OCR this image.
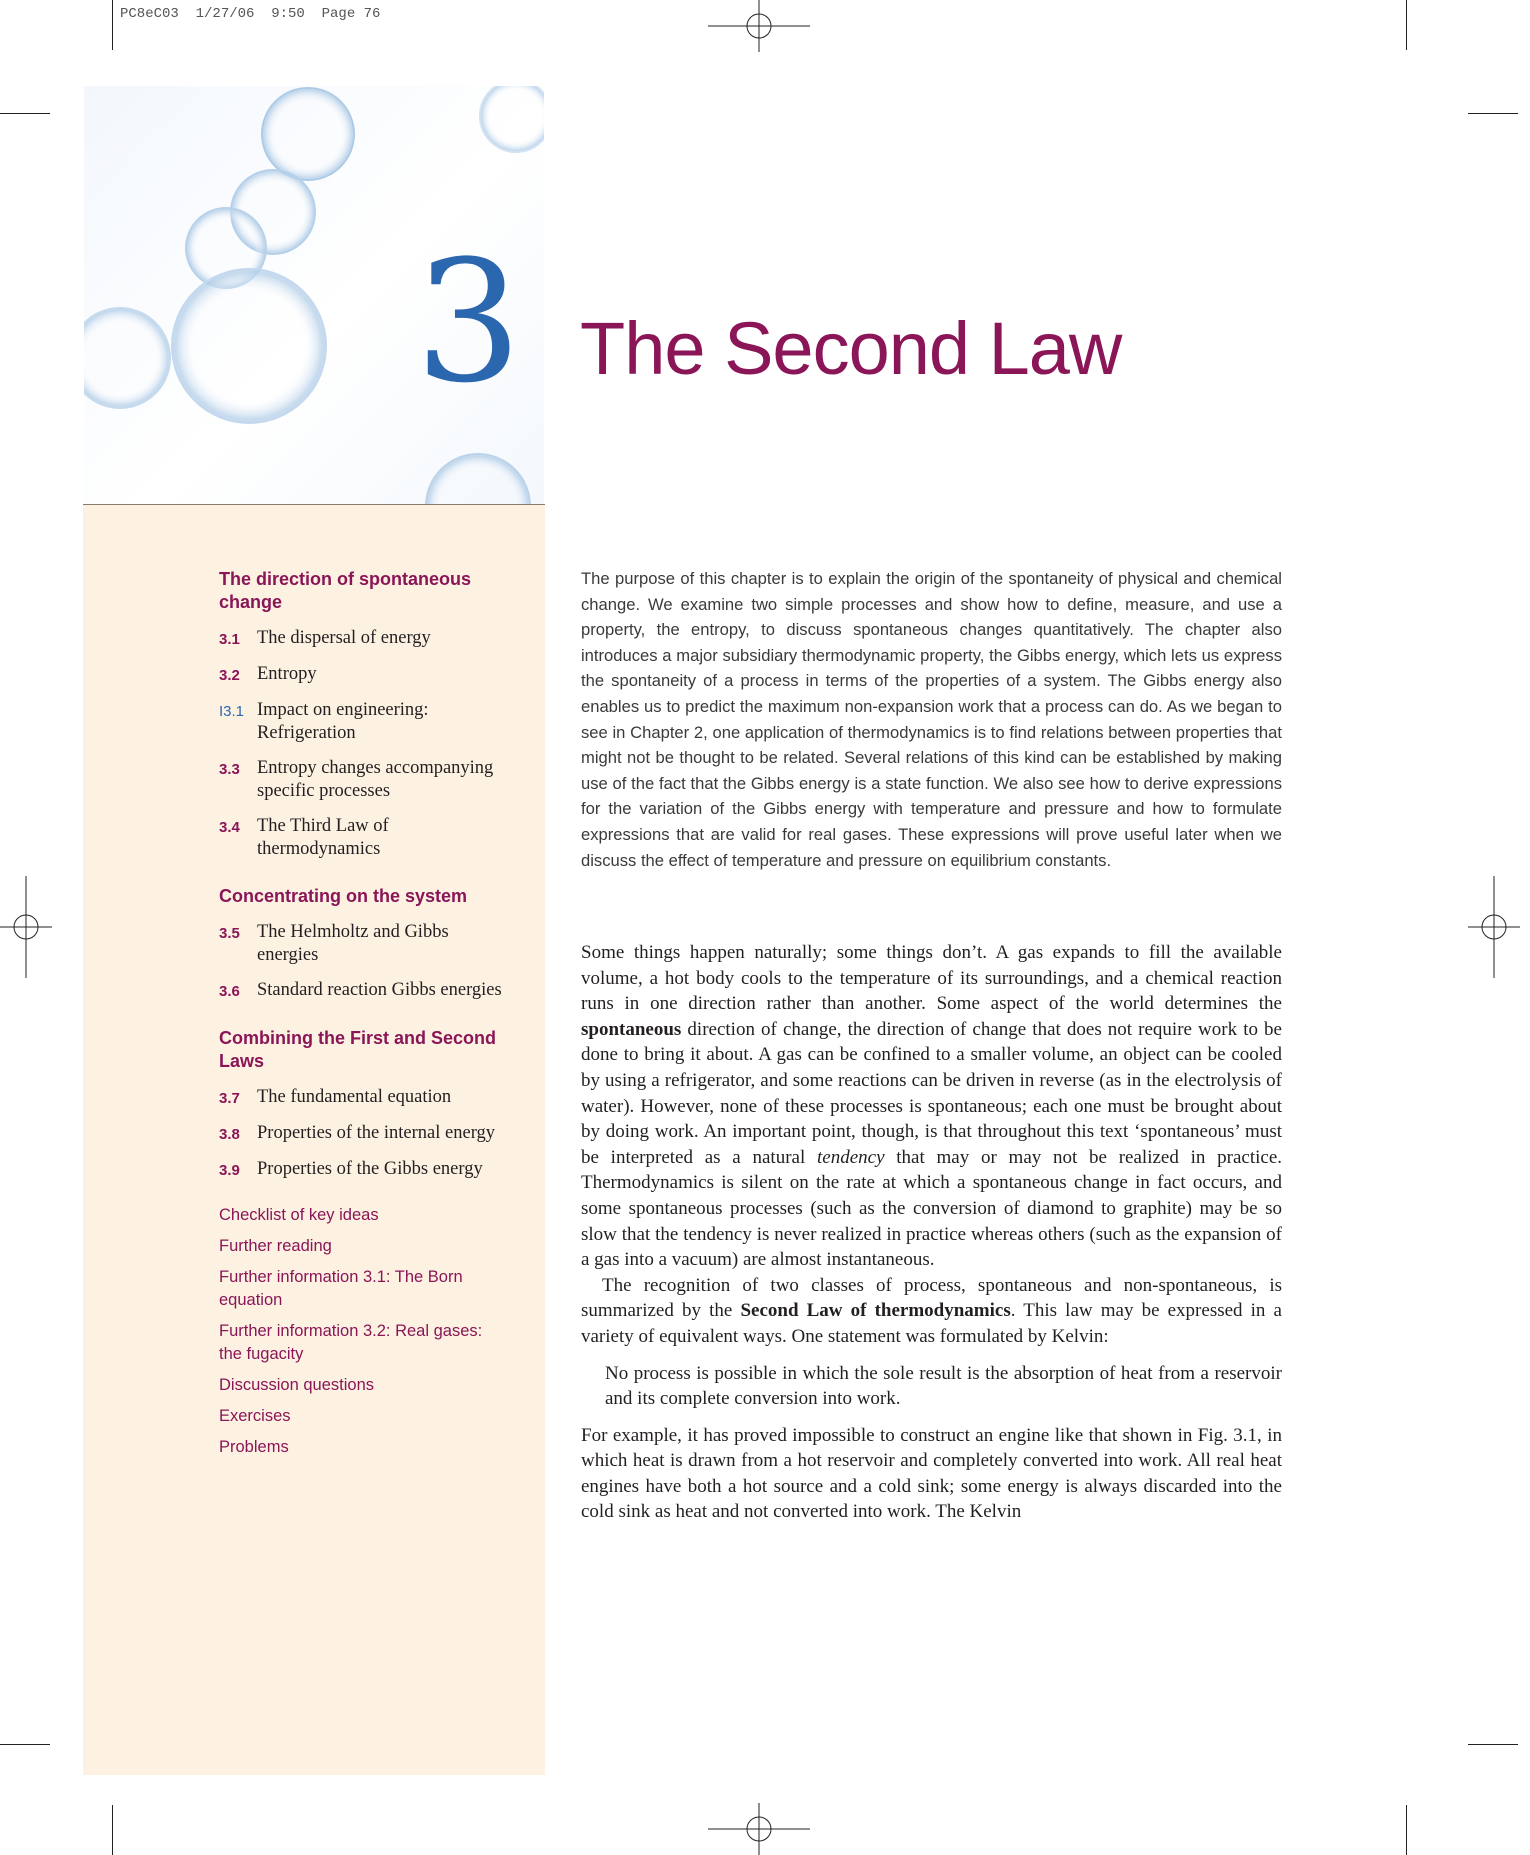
PC8eC03  1/27/06  9:50  Page 76
3 The Second Law
The direction of spontaneous change
3.1 The dispersal of energy
3.2 Entropy
I3.1 Impact on engineering: Refrigeration
3.3 Entropy changes accompanying specific processes
3.4 The Third Law of thermodynamics
Concentrating on the system
3.5 The Helmholtz and Gibbs energies
3.6 Standard reaction Gibbs energies
Combining the First and Second Laws
3.7 The fundamental equation
3.8 Properties of the internal energy
3.9 Properties of the Gibbs energy
Checklist of key ideas
Further reading
Further information 3.1: The Born equation
Further information 3.2: Real gases: the fugacity
Discussion questions
Exercises
Problems

The purpose of this chapter is to explain the origin of the spontaneity of physical and chemical change. We examine two simple processes and show how to define, measure, and use a property, the entropy, to discuss spontaneous changes quantitatively. The chapter also introduces a major subsidiary thermodynamic property, the Gibbs energy, which lets us express the spontaneity of a process in terms of the properties of a system. The Gibbs energy also enables us to predict the maximum non-expansion work that a process can do. As we began to see in Chapter 2, one application of thermodynamics is to find relations between properties that might not be thought to be related. Several relations of this kind can be established by making use of the fact that the Gibbs energy is a state function. We also see how to derive expressions for the variation of the Gibbs energy with temperature and pressure and how to formulate expressions that are valid for real gases. These expressions will prove useful later when we discuss the effect of temperature and pressure on equilibrium constants.

Some things happen naturally; some things don’t. A gas expands to fill the available volume, a hot body cools to the temperature of its surroundings, and a chemical reaction runs in one direction rather than another. Some aspect of the world determines the spontaneous direction of change, the direction of change that does not require work to be done to bring it about. A gas can be confined to a smaller volume, an object can be cooled by using a refrigerator, and some reactions can be driven in reverse (as in the electrolysis of water). However, none of these processes is spontaneous; each one must be brought about by doing work. An important point, though, is that throughout this text ‘spontaneous’ must be interpreted as a natural tendency that may or may not be realized in practice. Thermodynamics is silent on the rate at which a spontaneous change in fact occurs, and some spontaneous processes (such as the conversion of diamond to graphite) may be so slow that the tendency is never realized in practice whereas others (such as the expansion of a gas into a vacuum) are almost instantaneous.

The recognition of two classes of process, spontaneous and non-spontaneous, is summarized by the Second Law of thermodynamics. This law may be expressed in a variety of equivalent ways. One statement was formulated by Kelvin:

No process is possible in which the sole result is the absorption of heat from a reservoir and its complete conversion into work.

For example, it has proved impossible to construct an engine like that shown in Fig. 3.1, in which heat is drawn from a hot reservoir and completely converted into work. All real heat engines have both a hot source and a cold sink; some energy is always discarded into the cold sink as heat and not converted into work. The Kelvin
